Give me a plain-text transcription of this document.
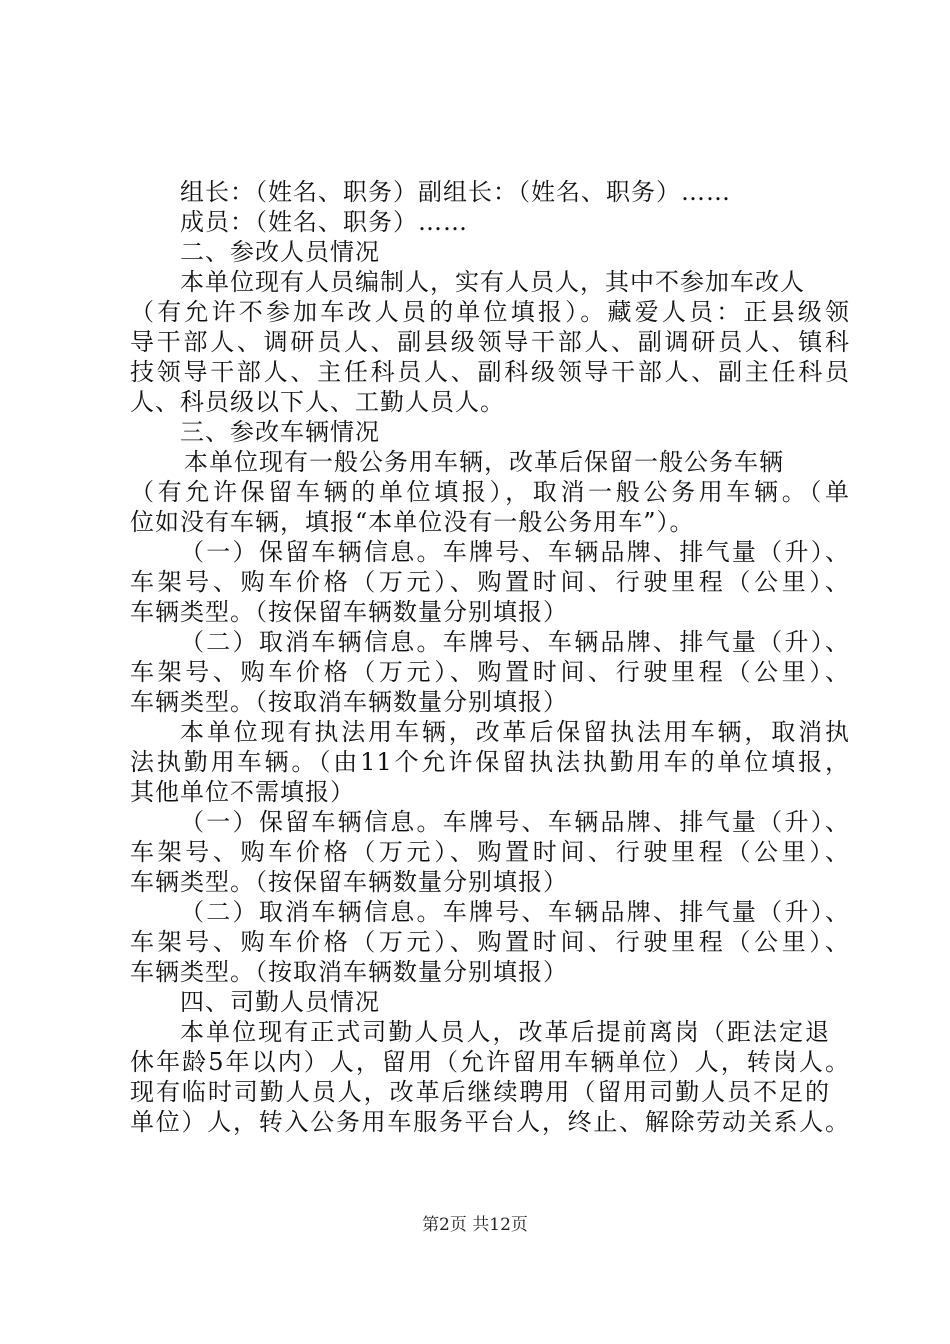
组长：（姓名、职务）副组长：（姓名、职务）……
成员：（姓名、职务）……
二、参改人员情况
本单位现有人员编制人，实有人员人，其中不参加车改人
（有允许不参加车改人员的单位填报）。藏爱人员：正县级领
导干部人、调研员人、副县级领导干部人、副调研员人、镇科
技领导干部人、主任科员人、副科级领导干部人、副主任科员
人、科员级以下人、工勤人员人。
三、参改车辆情况
本单位现有一般公务用车辆，改革后保留一般公务车辆
（有允许保留车辆的单位填报），取消一般公务用车辆。（单
位如没有车辆，填报“本单位没有一般公务用车”）。
（一）保留车辆信息。车牌号、车辆品牌、排气量（升）、
车架号、购车价格（万元）、购置时间、行驶里程（公里）、
车辆类型。（按保留车辆数量分别填报）
（二）取消车辆信息。车牌号、车辆品牌、排气量（升）、
车架号、购车价格（万元）、购置时间、行驶里程（公里）、
车辆类型。（按取消车辆数量分别填报）
本单位现有执法用车辆，改革后保留执法用车辆，取消执
法执勤用车辆。（由11个允许保留执法执勤用车的单位填报，
其他单位不需填报）
（一）保留车辆信息。车牌号、车辆品牌、排气量（升）、
车架号、购车价格（万元）、购置时间、行驶里程（公里）、
车辆类型。（按保留车辆数量分别填报）
（二）取消车辆信息。车牌号、车辆品牌、排气量（升）、
车架号、购车价格（万元）、购置时间、行驶里程（公里）、
车辆类型。（按取消车辆数量分别填报）
四、司勤人员情况
本单位现有正式司勤人员人，改革后提前离岗（距法定退
休年龄5年以内）人，留用（允许留用车辆单位）人，转岗人。
现有临时司勤人员人，改革后继续聘用（留用司勤人员不足的
单位）人，转入公务用车服务平台人，终止、解除劳动关系人。
第2页 共12页
